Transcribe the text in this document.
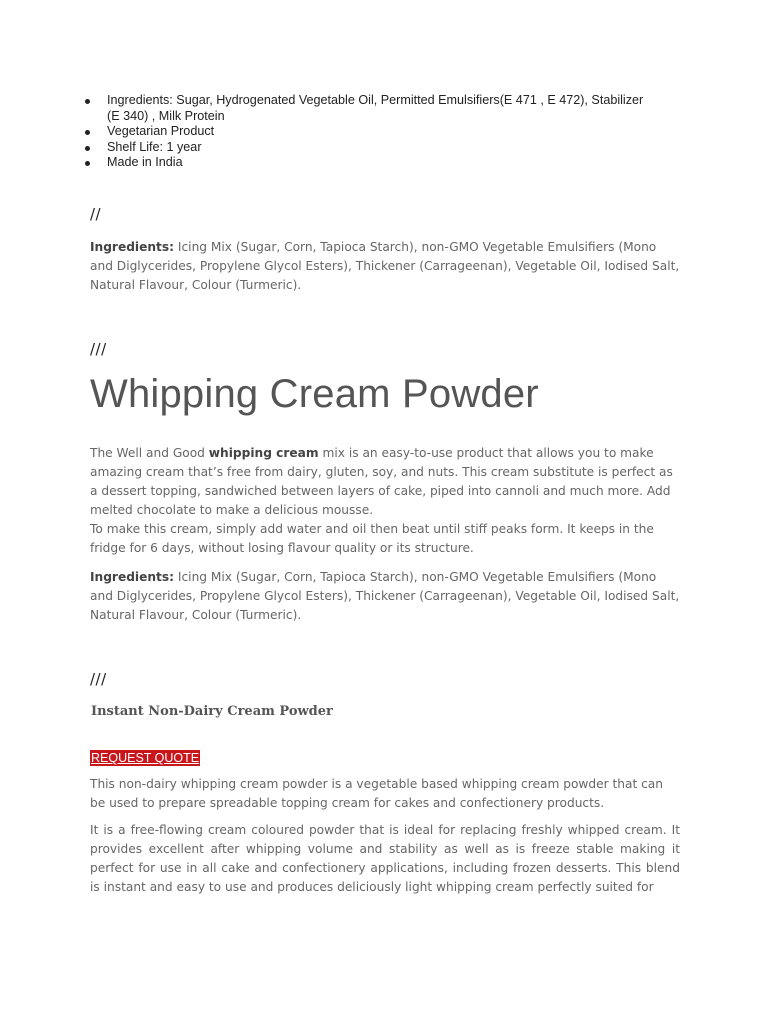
Ingredients: Sugar, Hydrogenated Vegetable Oil, Permitted Emulsifiers(E 471 , E 472), Stabilizer
(E 340) , Milk Protein
Vegetarian Product
Shelf Life: 1 year
Made in India
//

Ingredients: Icing Mix (Sugar, Corn, Tapioca Starch), non-GMO Vegetable Emulsifiers (Mono and Diglycerides, Propylene Glycol Esters), Thickener (Carrageenan), Vegetable Oil, Iodised Salt, Natural Flavour, Colour (Turmeric).

///
Whipping Cream Powder

The Well and Good whipping cream mix is an easy-to-use product that allows you to make amazing cream that’s free from dairy, gluten, soy, and nuts. This cream substitute is perfect as a dessert topping, sandwiched between layers of cake, piped into cannoli and much more. Add melted chocolate to make a delicious mousse.
To make this cream, simply add water and oil then beat until stiff peaks form. It keeps in the fridge for 6 days, without losing flavour quality or its structure.

Ingredients: Icing Mix (Sugar, Corn, Tapioca Starch), non-GMO Vegetable Emulsifiers (Mono and Diglycerides, Propylene Glycol Esters), Thickener (Carrageenan), Vegetable Oil, Iodised Salt, Natural Flavour, Colour (Turmeric).

///
Instant Non-Dairy Cream Powder
REQUEST QUOTE

This non-dairy whipping cream powder is a vegetable based whipping cream powder that can be used to prepare spreadable topping cream for cakes and confectionery products.

It is a free-flowing cream coloured powder that is ideal for replacing freshly whipped cream. It provides excellent after whipping volume and stability as well as is freeze stable making it perfect for use in all cake and confectionery applications, including frozen desserts. This blend is instant and easy to use and produces deliciously light whipping cream perfectly suited for
